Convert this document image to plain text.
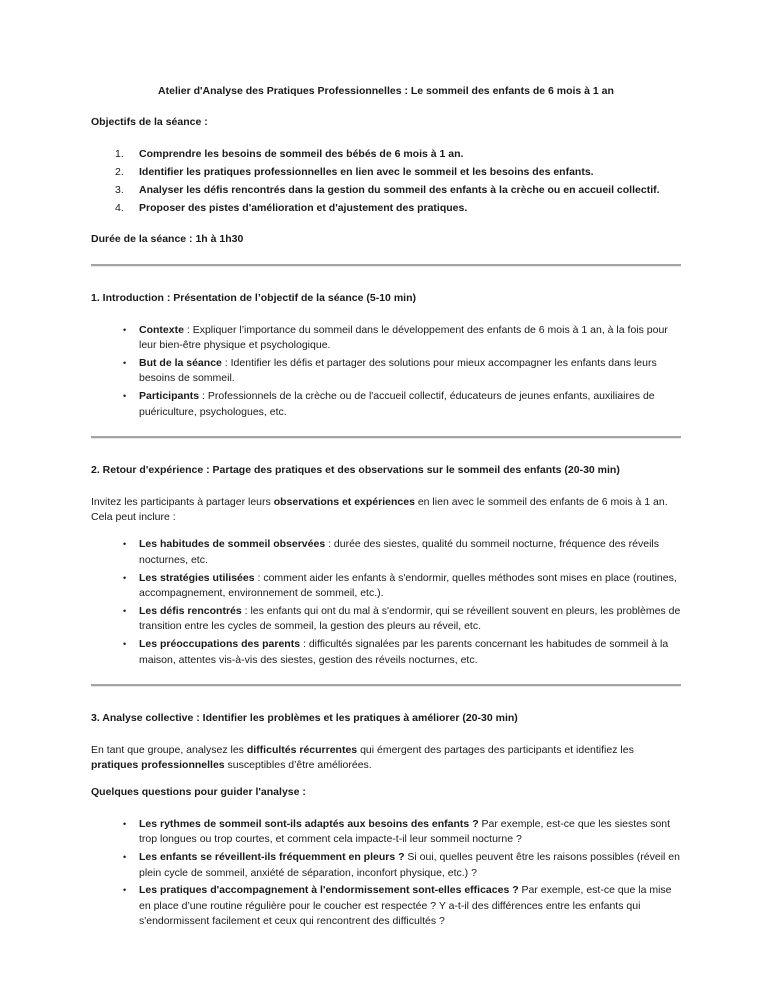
Atelier d'Analyse des Pratiques Professionnelles : Le sommeil des enfants de 6 mois à 1 an

Objectifs de la séance :

1.	Comprendre les besoins de sommeil des bébés de 6 mois à 1 an.
2.	Identifier les pratiques professionnelles en lien avec le sommeil et les besoins des enfants.
3.	Analyser les défis rencontrés dans la gestion du sommeil des enfants à la crèche ou en accueil collectif.
4.	Proposer des pistes d'amélioration et d'ajustement des pratiques.

Durée de la séance : 1h à 1h30

1. Introduction : Présentation de l’objectif de la séance (5-10 min)

•	Contexte : Expliquer l’importance du sommeil dans le développement des enfants de 6 mois à 1 an, à la fois pour leur bien-être physique et psychologique.
•	But de la séance : Identifier les défis et partager des solutions pour mieux accompagner les enfants dans leurs besoins de sommeil.
•	Participants : Professionnels de la crèche ou de l'accueil collectif, éducateurs de jeunes enfants, auxiliaires de puériculture, psychologues, etc.

2. Retour d'expérience : Partage des pratiques et des observations sur le sommeil des enfants (20-30 min)

Invitez les participants à partager leurs observations et expériences en lien avec le sommeil des enfants de 6 mois à 1 an. Cela peut inclure :

•	Les habitudes de sommeil observées : durée des siestes, qualité du sommeil nocturne, fréquence des réveils nocturnes, etc.
•	Les stratégies utilisées : comment aider les enfants à s'endormir, quelles méthodes sont mises en place (routines, accompagnement, environnement de sommeil, etc.).
•	Les défis rencontrés : les enfants qui ont du mal à s'endormir, qui se réveillent souvent en pleurs, les problèmes de transition entre les cycles de sommeil, la gestion des pleurs au réveil, etc.
•	Les préoccupations des parents : difficultés signalées par les parents concernant les habitudes de sommeil à la maison, attentes vis-à-vis des siestes, gestion des réveils nocturnes, etc.

3. Analyse collective : Identifier les problèmes et les pratiques à améliorer (20-30 min)

En tant que groupe, analysez les difficultés récurrentes qui émergent des partages des participants et identifiez les pratiques professionnelles susceptibles d’être améliorées.

Quelques questions pour guider l'analyse :

•	Les rythmes de sommeil sont-ils adaptés aux besoins des enfants ? Par exemple, est-ce que les siestes sont trop longues ou trop courtes, et comment cela impacte-t-il leur sommeil nocturne ?
•	Les enfants se réveillent-ils fréquemment en pleurs ? Si oui, quelles peuvent être les raisons possibles (réveil en plein cycle de sommeil, anxiété de séparation, inconfort physique, etc.) ?
•	Les pratiques d'accompagnement à l'endormissement sont-elles efficaces ? Par exemple, est-ce que la mise en place d’une routine régulière pour le coucher est respectée ? Y a-t-il des différences entre les enfants qui s'endormissent facilement et ceux qui rencontrent des difficultés ?
